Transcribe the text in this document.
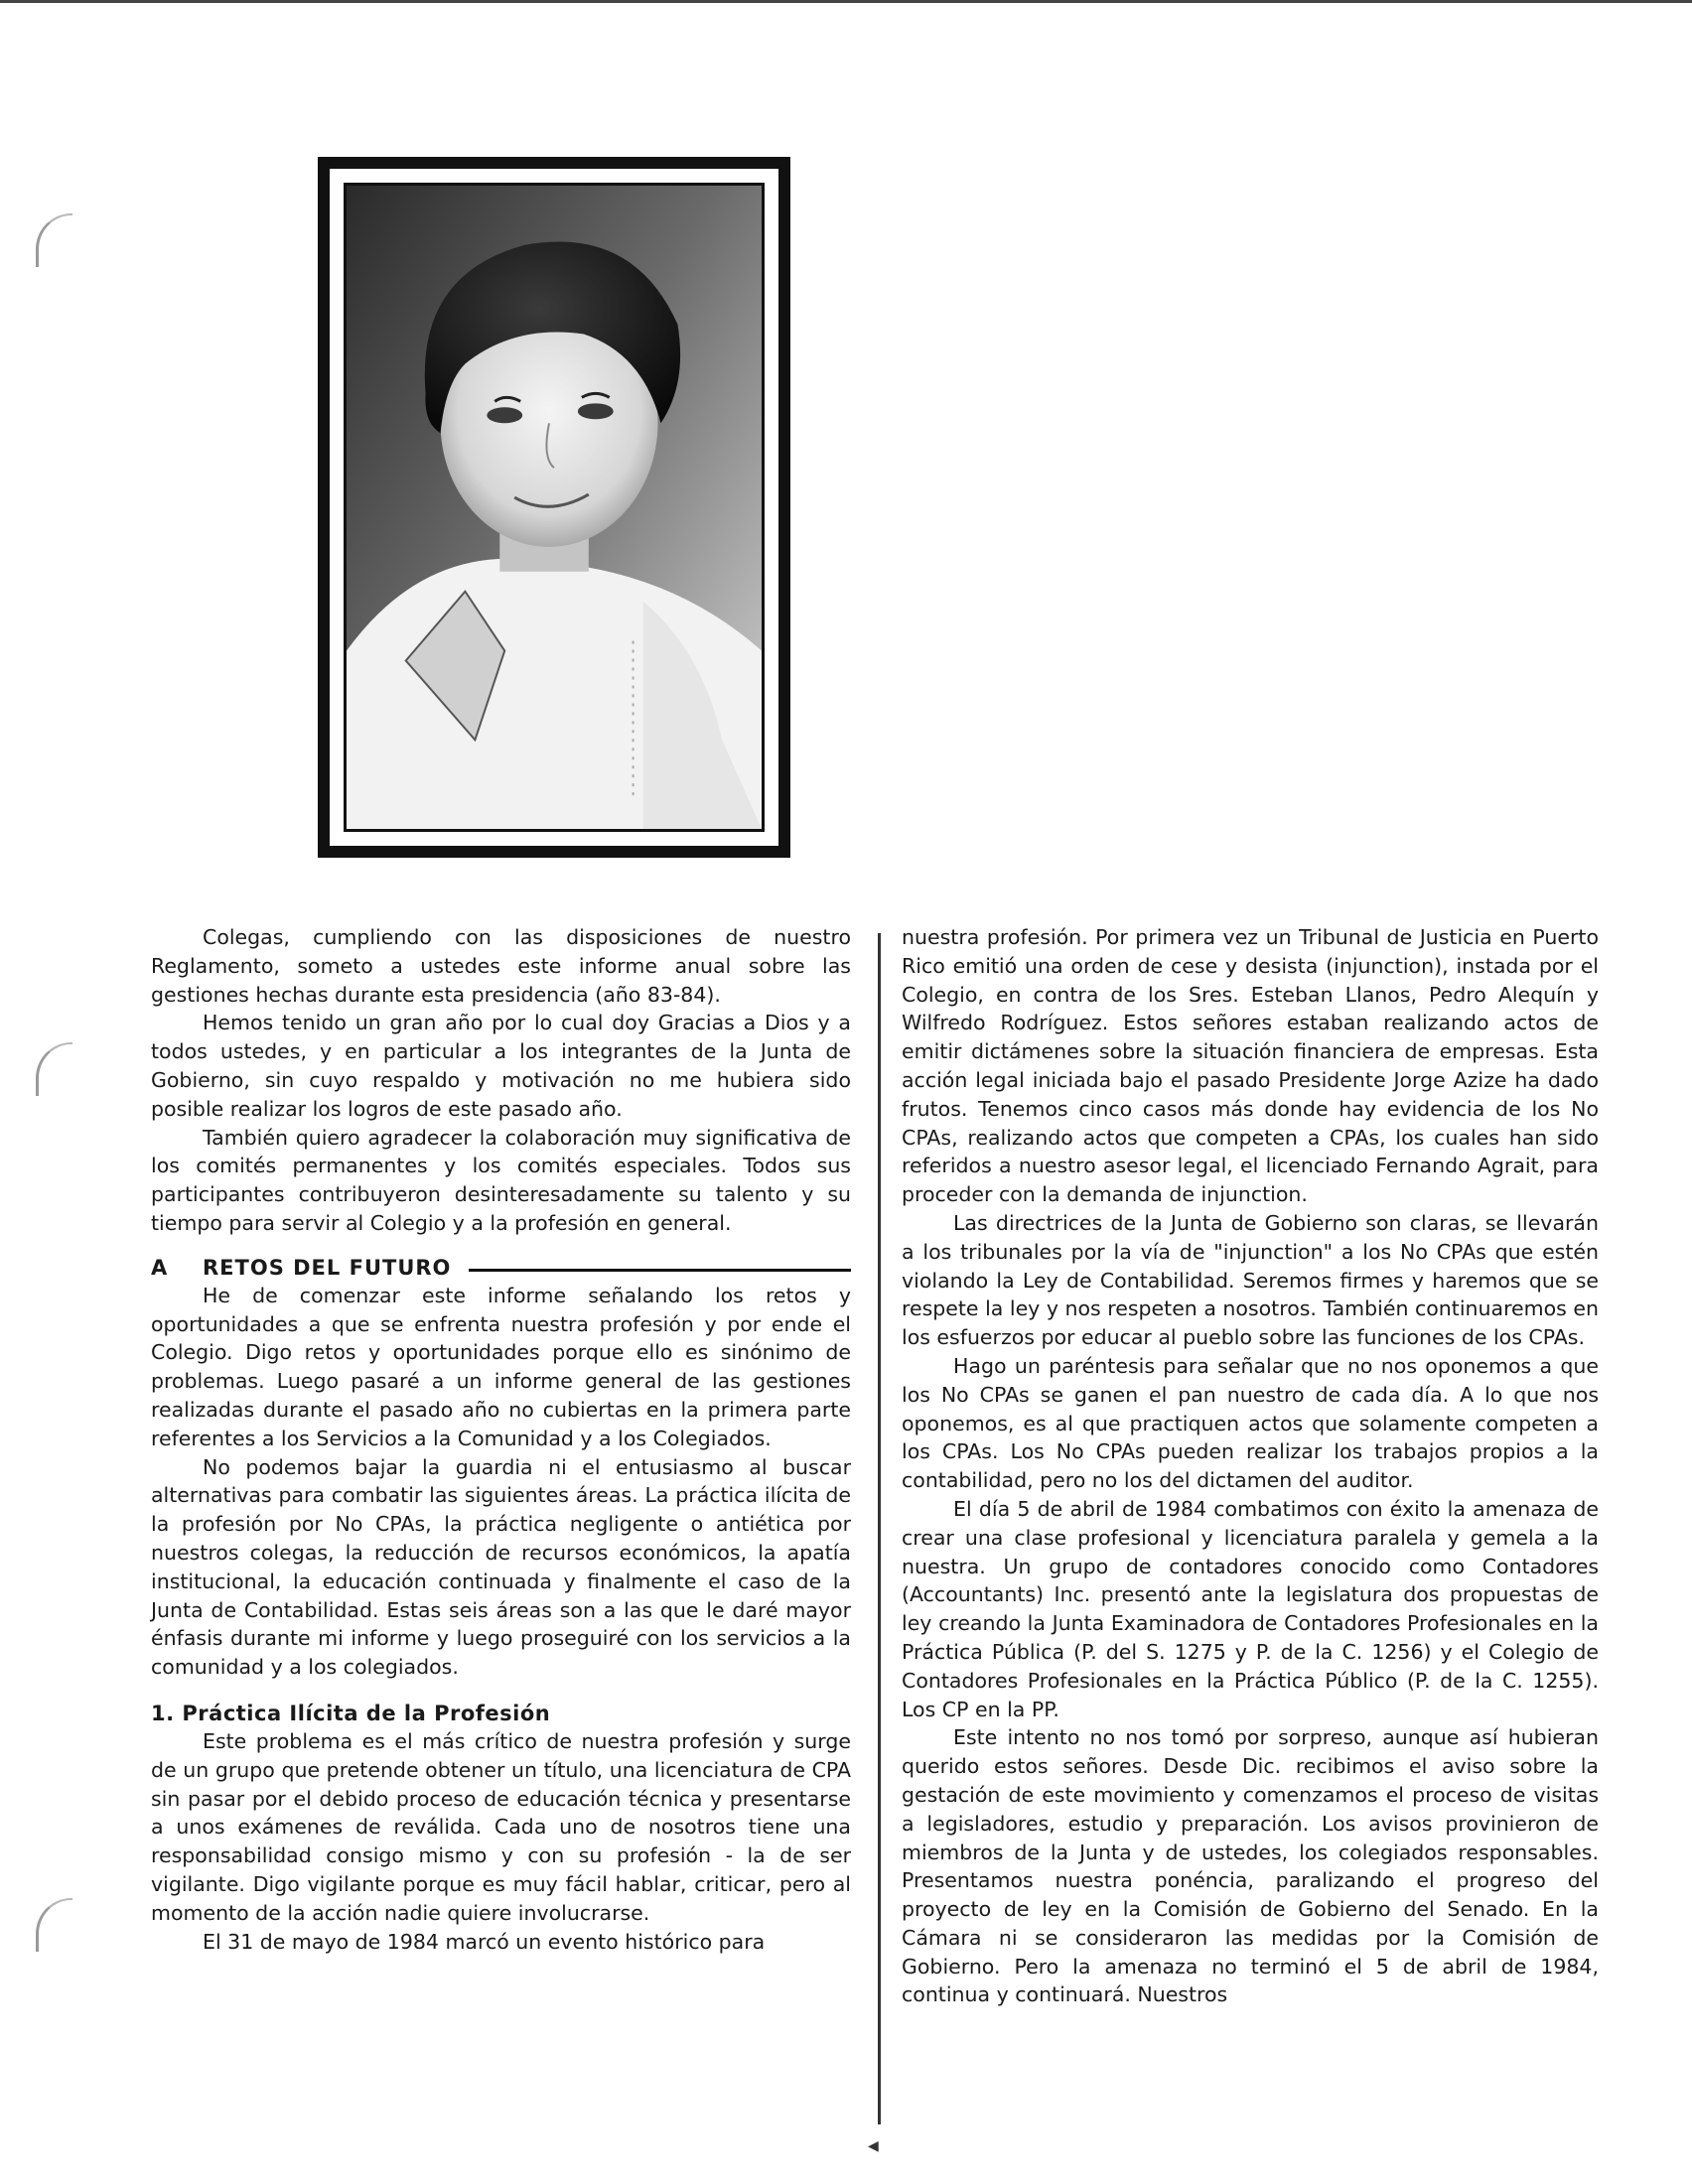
Colegas, cumpliendo con las disposiciones de nuestro Reglamento, someto a ustedes este informe anual sobre las gestiones hechas durante esta presidencia (año 83-84).

Hemos tenido un gran año por lo cual doy Gracias a Dios y a todos ustedes, y en particular a los integrantes de la Junta de Gobierno, sin cuyo respaldo y motivación no me hubiera sido posible realizar los logros de este pasado año.

También quiero agradecer la colaboración muy significativa de los comités permanentes y los comités especiales. Todos sus participantes contribuyeron desinteresadamente su talento y su tiempo para servir al Colegio y a la profesión en general.

A	RETOS DEL FUTURO

He de comenzar este informe señalando los retos y oportunidades a que se enfrenta nuestra profesión y por ende el Colegio. Digo retos y oportunidades porque ello es sinónimo de problemas. Luego pasaré a un informe general de las gestiones realizadas durante el pasado año no cubiertas en la primera parte referentes a los Servicios a la Comunidad y a los Colegiados.

No podemos bajar la guardia ni el entusiasmo al buscar alternativas para combatir las siguientes áreas. La práctica ilícita de la profesión por No CPAs, la práctica negligente o antiética por nuestros colegas, la reducción de recursos económicos, la apatía institucional, la educación continuada y finalmente el caso de la Junta de Contabilidad. Estas seis áreas son a las que le daré mayor énfasis durante mi informe y luego proseguiré con los servicios a la comunidad y a los colegiados.

1. Práctica Ilícita de la Profesión

Este problema es el más crítico de nuestra profesión y surge de un grupo que pretende obtener un título, una licenciatura de CPA sin pasar por el debido proceso de educación técnica y presentarse a unos exámenes de reválida. Cada uno de nosotros tiene una responsabilidad consigo mismo y con su profesión - la de ser vigilante. Digo vigilante porque es muy fácil hablar, criticar, pero al momento de la acción nadie quiere involucrarse.

El 31 de mayo de 1984 marcó un evento histórico para

nuestra profesión. Por primera vez un Tribunal de Justicia en Puerto Rico emitió una orden de cese y desista (injunction), instada por el Colegio, en contra de los Sres. Esteban Llanos, Pedro Alequín y Wilfredo Rodríguez. Estos señores estaban realizando actos de emitir dictámenes sobre la situación financiera de empresas. Esta acción legal iniciada bajo el pasado Presidente Jorge Azize ha dado frutos. Tenemos cinco casos más donde hay evidencia de los No CPAs, realizando actos que competen a CPAs, los cuales han sido referidos a nuestro asesor legal, el licenciado Fernando Agrait, para proceder con la demanda de injunction.

Las directrices de la Junta de Gobierno son claras, se llevarán a los tribunales por la vía de "injunction" a los No CPAs que estén violando la Ley de Contabilidad. Seremos firmes y haremos que se respete la ley y nos respeten a nosotros. También continuaremos en los esfuerzos por educar al pueblo sobre las funciones de los CPAs.

Hago un paréntesis para señalar que no nos oponemos a que los No CPAs se ganen el pan nuestro de cada día. A lo que nos oponemos, es al que practiquen actos que solamente competen a los CPAs. Los No CPAs pueden realizar los trabajos propios a la contabilidad, pero no los del dictamen del auditor.

El día 5 de abril de 1984 combatimos con éxito la amenaza de crear una clase profesional y licenciatura paralela y gemela a la nuestra. Un grupo de contadores conocido como Contadores (Accountants) Inc. presentó ante la legislatura dos propuestas de ley creando la Junta Examinadora de Contadores Profesionales en la Práctica Pública (P. del S. 1275 y P. de la C. 1256) y el Colegio de Contadores Profesionales en la Práctica Público (P. de la C. 1255). Los CP en la PP.

Este intento no nos tomó por sorpreso, aunque así hubieran querido estos señores. Desde Dic. recibimos el aviso sobre la gestación de este movimiento y comenzamos el proceso de visitas a legisladores, estudio y preparación. Los avisos provinieron de miembros de la Junta y de ustedes, los colegiados responsables. Presentamos nuestra ponéncia, paralizando el progreso del proyecto de ley en la Comisión de Gobierno del Senado. En la Cámara ni se consideraron las medidas por la Comisión de Gobierno. Pero la amenaza no terminó el 5 de abril de 1984, continua y continuará. Nuestros

◀
